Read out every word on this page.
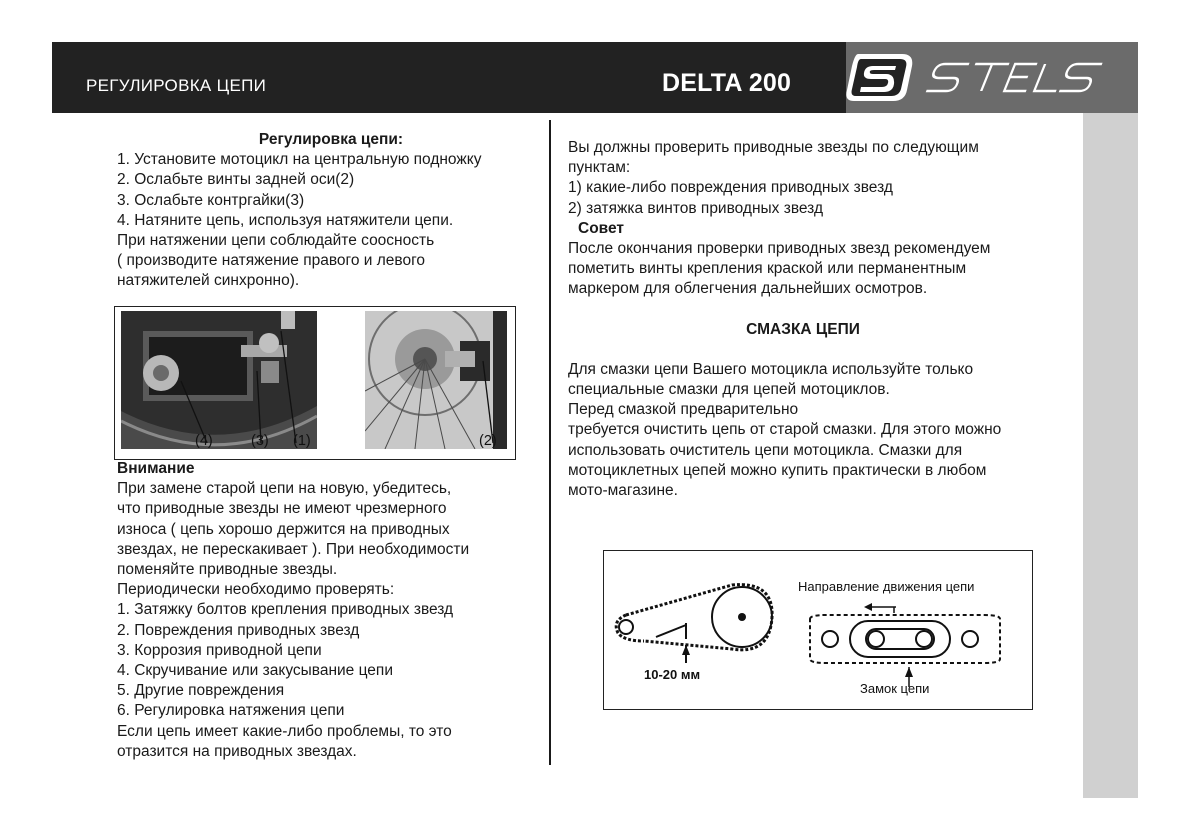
РЕГУЛИРОВКА ЦЕПИ	DELTA 200

Регулировка цепи:

1. Установите мотоцикл на центральную подножку

2. Ослабьте винты задней оси(2)

3. Ослабьте контргайки(3)

4. Натяните цепь, используя натяжители цепи.

При натяжении цепи соблюдайте соосность

( производите натяжение правого и левого

натяжителей синхронно).

(4)	(3) (1)	(2)

Внимание

При замене старой цепи на новую, убедитесь,

что приводные звезды не имеют чрезмерного

износа ( цепь хорошо держится на приводных

звездах, не перескакивает ). При необходимости

поменяйте приводные звезды.

Периодически необходимо проверять:

1. Затяжку болтов крепления приводных звезд

2. Повреждения приводных звезд

3. Коррозия приводной цепи

4. Скручивание или закусывание цепи

5. Другие повреждения

6. Регулировка натяжения цепи

Если цепь имеет какие-либо проблемы, то это

отразится на приводных звездах.

Вы должны проверить приводные звезды по следующим

пунктам:

1) какие-либо повреждения приводных звезд

2) затяжка винтов приводных звезд

Совет

После окончания проверки приводных звезд рекомендуем

пометить винты крепления краской или перманентным

маркером для облегчения дальнейших осмотров.

СМАЗКА ЦЕПИ

Для смазки цепи Вашего мотоцикла используйте только

специальные смазки для цепей мотоциклов.

Перед смазкой предварительно

требуется очистить цепь от старой смазки. Для этого можно

использовать очиститель цепи мотоцикла. Смазки для

мотоциклетных цепей можно купить практически в любом

мото-магазине.

10-20 мм
Направление движения цепи
Замок цепи
